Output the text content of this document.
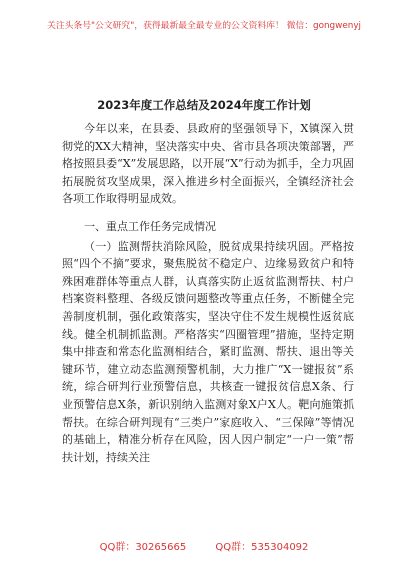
关注头条号"公文研究"，获得最新最全最专业的公文资料库！ 微信：gongwenyj
2023年度工作总结及2024年度工作计划

今年以来，在县委、县政府的坚强领导下，X镇深入贯彻党的XX大精神，坚决落实中央、省市县各项决策部署，严格按照县委“X”发展思路，以开展“X”行动为抓手，全力巩固拓展脱贫攻坚成果，深入推进乡村全面振兴，全镇经济社会各项工作取得明显成效。

一、重点工作任务完成情况

（一）监测帮扶消除风险，脱贫成果持续巩固。严格按照“四个不摘”要求，聚焦脱贫不稳定户、边缘易致贫户和特殊困难群体等重点人群，认真落实防止返贫监测帮扶、村户档案资料整理、各级反馈问题整改等重点任务，不断健全完善制度机制，强化政策落实，坚决守住不发生规模性返贫底线。健全机制抓监测。严格落实“四圈管理”措施，坚持定期集中排查和常态化监测相结合，紧盯监测、帮扶、退出等关键环节，建立动态监测预警机制，大力推广“X一键报贫”系统，综合研判行业预警信息，共核查一键报贫信息X条、行业预警信息X条，新识别纳入监测对象X户X人。靶向施策抓帮扶。在综合研判现有“三类户”家庭收入、“三保障”等情况的基础上，精准分析存在风险，因人因户制定“一户一策”帮扶计划，持续关注

QQ群：30265665	QQ群：535304092
